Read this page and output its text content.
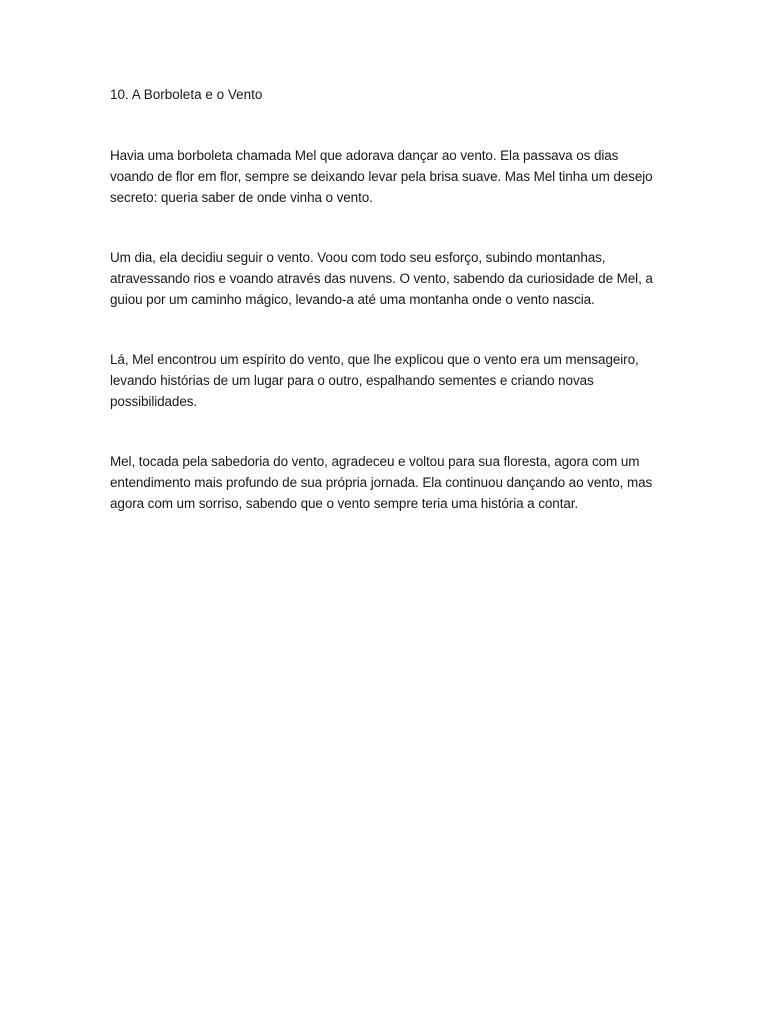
10. A Borboleta e o Vento

Havia uma borboleta chamada Mel que adorava dançar ao vento. Ela passava os dias voando de flor em flor, sempre se deixando levar pela brisa suave. Mas Mel tinha um desejo secreto: queria saber de onde vinha o vento.

Um dia, ela decidiu seguir o vento. Voou com todo seu esforço, subindo montanhas, atravessando rios e voando através das nuvens. O vento, sabendo da curiosidade de Mel, a guiou por um caminho mágico, levando-a até uma montanha onde o vento nascia.

Lá, Mel encontrou um espírito do vento, que lhe explicou que o vento era um mensageiro, levando histórias de um lugar para o outro, espalhando sementes e criando novas possibilidades.

Mel, tocada pela sabedoria do vento, agradeceu e voltou para sua floresta, agora com um entendimento mais profundo de sua própria jornada. Ela continuou dançando ao vento, mas agora com um sorriso, sabendo que o vento sempre teria uma história a contar.
